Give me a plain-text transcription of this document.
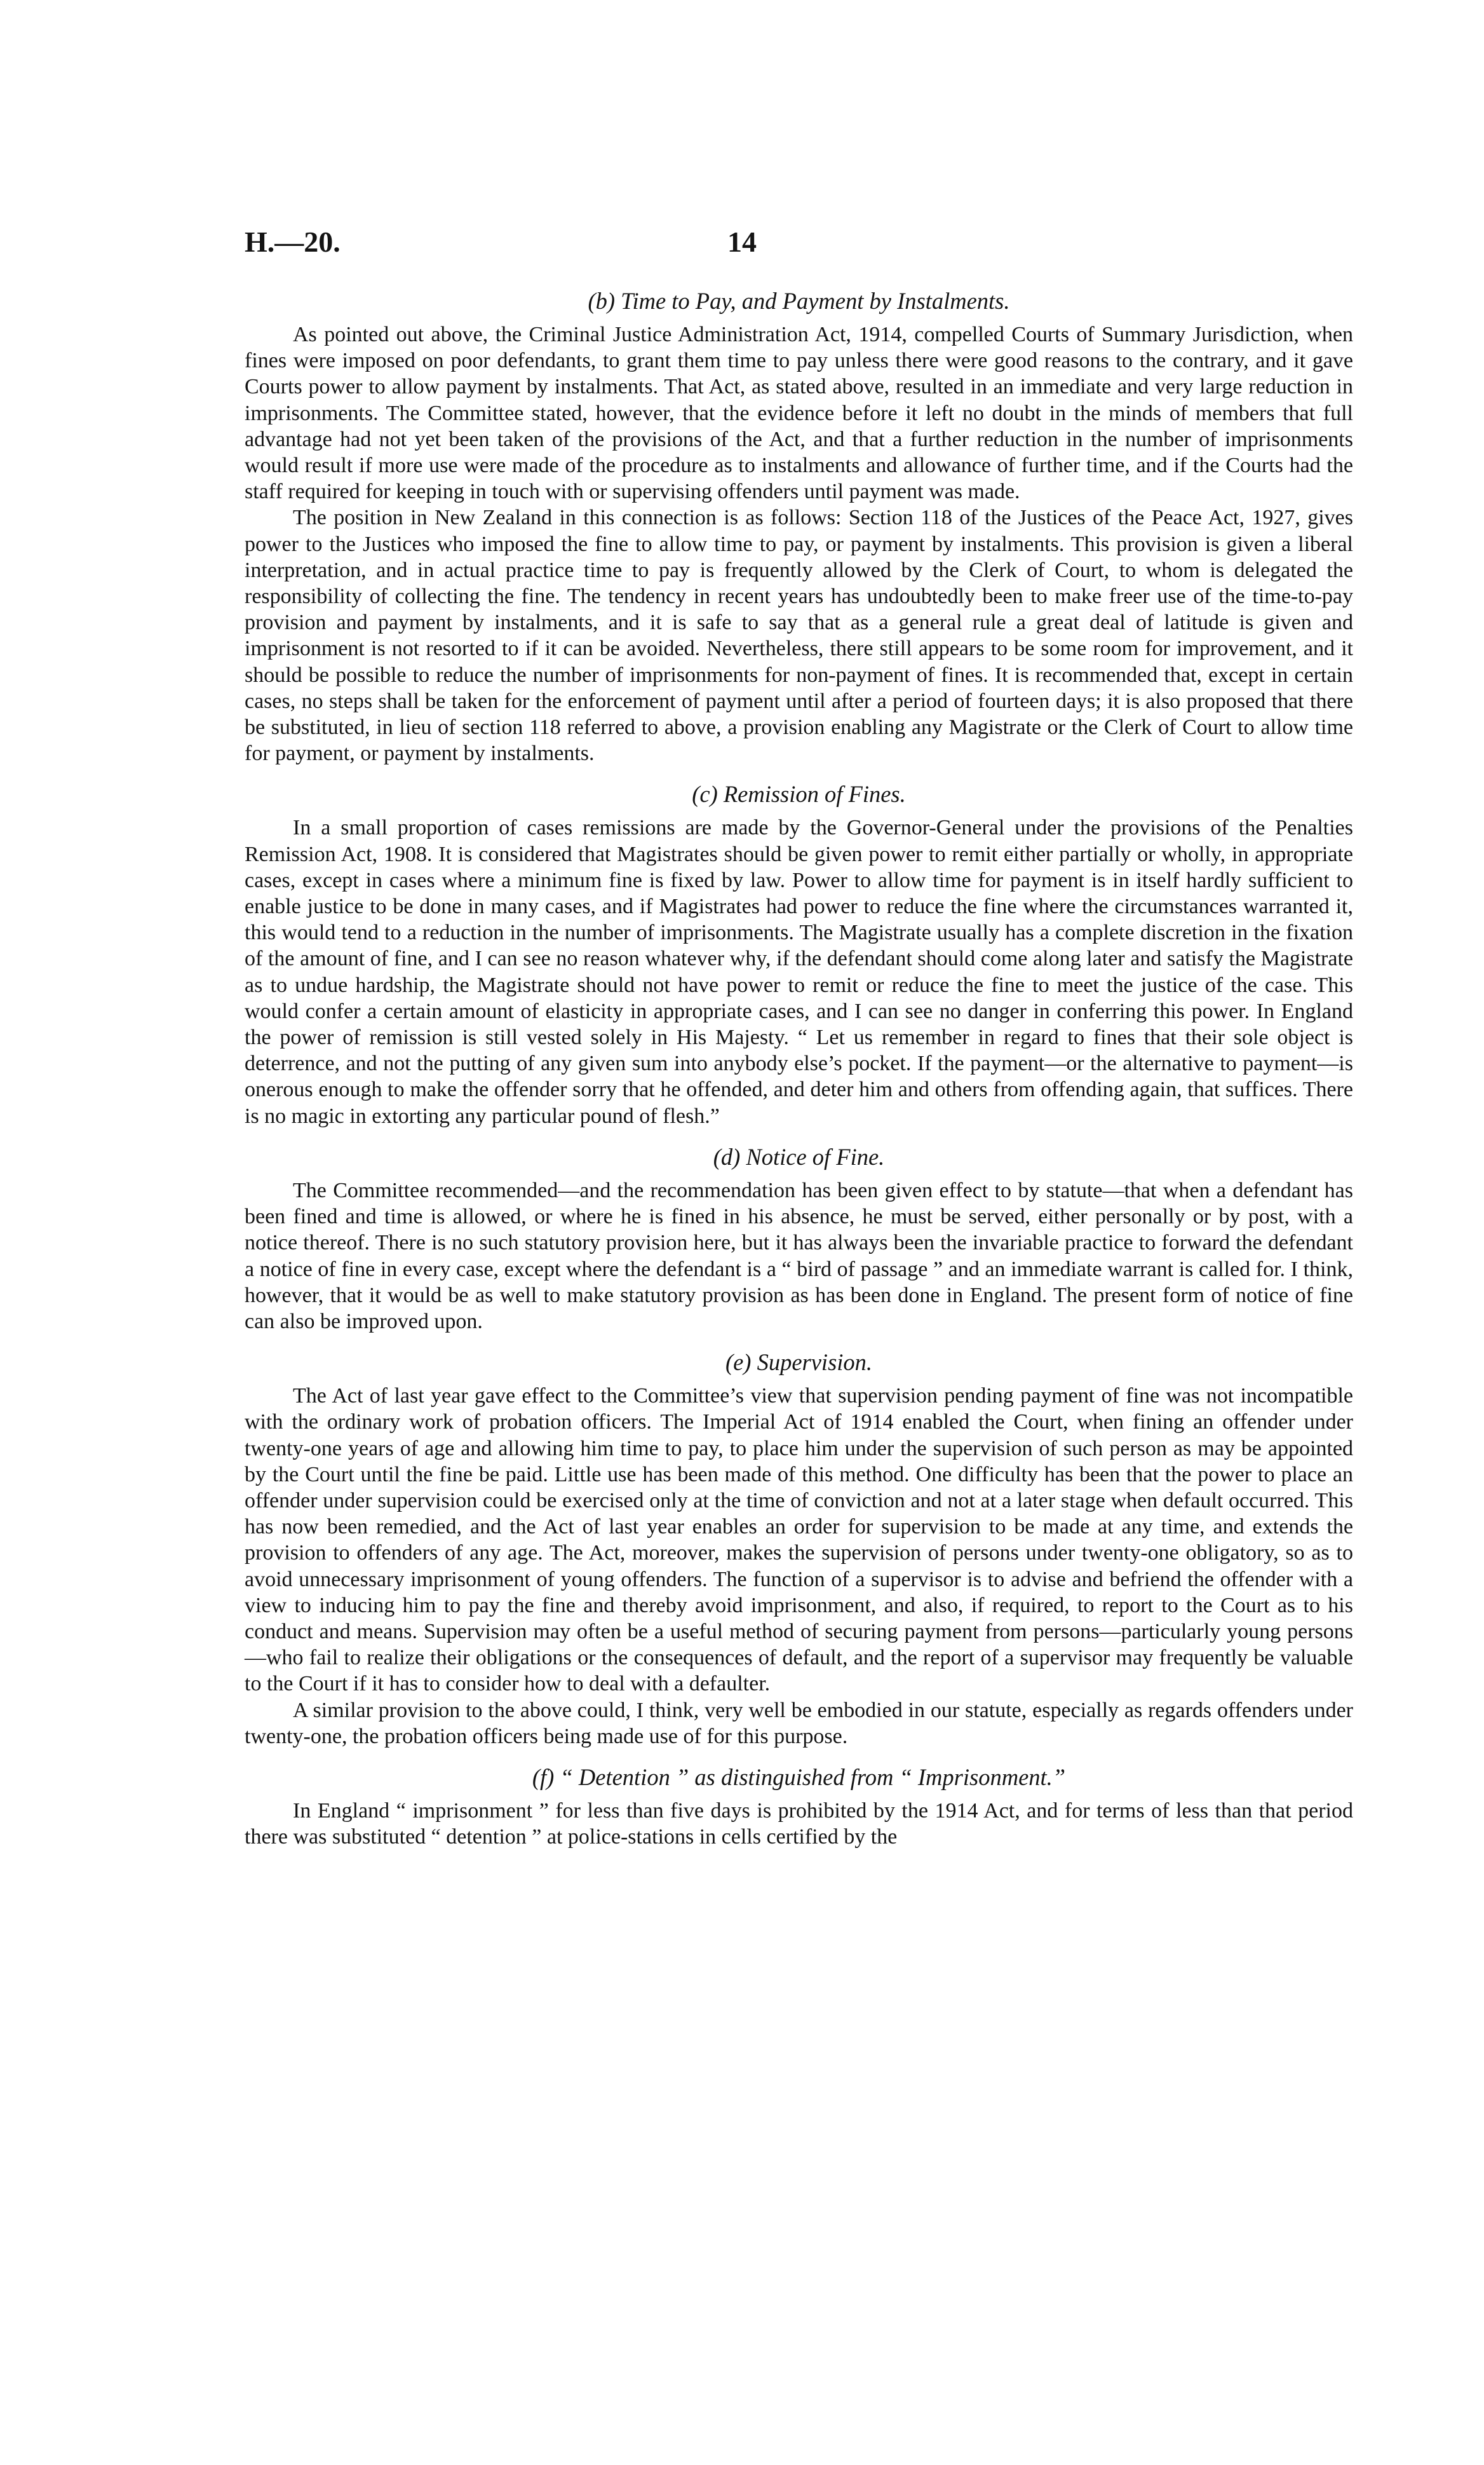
H.—20.	14
(b) Time to Pay, and Payment by Instalments.

As pointed out above, the Criminal Justice Administration Act, 1914, compelled Courts of Summary Jurisdiction, when fines were imposed on poor defendants, to grant them time to pay unless there were good reasons to the contrary, and it gave Courts power to allow payment by instalments. That Act, as stated above, resulted in an immediate and very large reduction in imprisonments. The Committee stated, however, that the evidence before it left no doubt in the minds of members that full advantage had not yet been taken of the provisions of the Act, and that a further reduction in the number of imprisonments would result if more use were made of the procedure as to instalments and allowance of further time, and if the Courts had the staff required for keeping in touch with or supervising offenders until payment was made.

The position in New Zealand in this connection is as follows: Section 118 of the Justices of the Peace Act, 1927, gives power to the Justices who imposed the fine to allow time to pay, or payment by instalments. This provision is given a liberal interpretation, and in actual practice time to pay is frequently allowed by the Clerk of Court, to whom is delegated the responsibility of collecting the fine. The tendency in recent years has undoubtedly been to make freer use of the time-to-pay provision and payment by instalments, and it is safe to say that as a general rule a great deal of latitude is given and imprisonment is not resorted to if it can be avoided. Nevertheless, there still appears to be some room for improvement, and it should be possible to reduce the number of imprisonments for non-payment of fines. It is recommended that, except in certain cases, no steps shall be taken for the enforcement of payment until after a period of fourteen days; it is also proposed that there be substituted, in lieu of section 118 referred to above, a provision enabling any Magistrate or the Clerk of Court to allow time for payment, or payment by instalments.

(c) Remission of Fines.

In a small proportion of cases remissions are made by the Governor-General under the provisions of the Penalties Remission Act, 1908. It is considered that Magistrates should be given power to remit either partially or wholly, in appropriate cases, except in cases where a minimum fine is fixed by law. Power to allow time for payment is in itself hardly sufficient to enable justice to be done in many cases, and if Magistrates had power to reduce the fine where the circumstances warranted it, this would tend to a reduction in the number of imprisonments. The Magistrate usually has a complete discretion in the fixation of the amount of fine, and I can see no reason whatever why, if the defendant should come along later and satisfy the Magistrate as to undue hardship, the Magistrate should not have power to remit or reduce the fine to meet the justice of the case. This would confer a certain amount of elasticity in appropriate cases, and I can see no danger in conferring this power. In England the power of remission is still vested solely in His Majesty. “ Let us remember in regard to fines that their sole object is deterrence, and not the putting of any given sum into anybody else’s pocket. If the payment—or the alternative to payment—is onerous enough to make the offender sorry that he offended, and deter him and others from offending again, that suffices. There is no magic in extorting any particular pound of flesh.”

(d) Notice of Fine.

The Committee recommended—and the recommendation has been given effect to by statute—that when a defendant has been fined and time is allowed, or where he is fined in his absence, he must be served, either personally or by post, with a notice thereof. There is no such statutory provision here, but it has always been the invariable practice to forward the defendant a notice of fine in every case, except where the defendant is a “ bird of passage ” and an immediate warrant is called for. I think, however, that it would be as well to make statutory provision as has been done in England. The present form of notice of fine can also be improved upon.

(e) Supervision.

The Act of last year gave effect to the Committee’s view that supervision pending payment of fine was not incompatible with the ordinary work of probation officers. The Imperial Act of 1914 enabled the Court, when fining an offender under twenty-one years of age and allowing him time to pay, to place him under the supervision of such person as may be appointed by the Court until the fine be paid. Little use has been made of this method. One difficulty has been that the power to place an offender under supervision could be exercised only at the time of conviction and not at a later stage when default occurred. This has now been remedied, and the Act of last year enables an order for supervision to be made at any time, and extends the provision to offenders of any age. The Act, moreover, makes the supervision of persons under twenty-one obligatory, so as to avoid unnecessary imprisonment of young offenders. The function of a supervisor is to advise and befriend the offender with a view to inducing him to pay the fine and thereby avoid imprisonment, and also, if required, to report to the Court as to his conduct and means. Supervision may often be a useful method of securing payment from persons—particularly young persons—who fail to realize their obligations or the consequences of default, and the report of a supervisor may frequently be valuable to the Court if it has to consider how to deal with a defaulter.

A similar provision to the above could, I think, very well be embodied in our statute, especially as regards offenders under twenty-one, the probation officers being made use of for this purpose.

(f) “ Detention ” as distinguished from “ Imprisonment.”

In England “ imprisonment ” for less than five days is prohibited by the 1914 Act, and for terms of less than that period there was substituted “ detention ” at police-stations in cells certified by the
